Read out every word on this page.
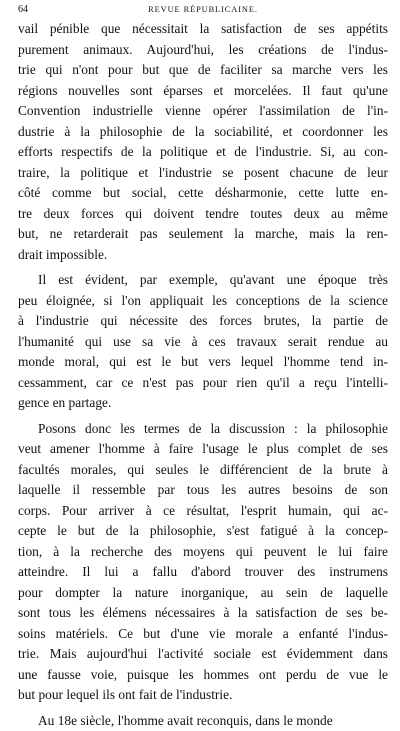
64	REVUE RÉPUBLICAINE.

vail pénible que nécessitait la satisfaction de ses appétits
purement animaux. Aujourd'hui, les créations de l'indus-
trie qui n'ont pour but que de faciliter sa marche vers les
régions nouvelles sont éparses et morcelées. Il faut qu'une
Convention industrielle vienne opérer l'assimilation de l'in-
dustrie à la philosophie de la sociabilité, et coordonner les
efforts respectifs de la politique et de l'industrie. Si, au con-
traire, la politique et l'industrie se posent chacune de leur
côté comme but social, cette désharmonie, cette lutte en-
tre deux forces qui doivent tendre toutes deux au même
but, ne retarderait pas seulement la marche, mais la ren-
drait impossible.

Il est évident, par exemple, qu'avant une époque très
peu éloignée, si l'on appliquait les conceptions de la science
à l'industrie qui nécessite des forces brutes, la partie de
l'humanité qui use sa vie à ces travaux serait rendue au
monde moral, qui est le but vers lequel l'homme tend in-
cessamment, car ce n'est pas pour rien qu'il a reçu l'intelli-
gence en partage.

Posons donc les termes de la discussion : la philosophie
veut amener l'homme à faire l'usage le plus complet de ses
facultés morales, qui seules le différencient de la brute à
laquelle il ressemble par tous les autres besoins de son
corps. Pour arriver à ce résultat, l'esprit humain, qui ac-
cepte le but de la philosophie, s'est fatigué à la concep-
tion, à la recherche des moyens qui peuvent le lui faire
atteindre. Il lui a fallu d'abord trouver des instrumens
pour dompter la nature inorganique, au sein de laquelle
sont tous les élémens nécessaires à la satisfaction de ses be-
soins matériels. Ce but d'une vie morale a enfanté l'indus-
trie. Mais aujourd'hui l'activité sociale est évidemment dans
une fausse voie, puisque les hommes ont perdu de vue le
but pour lequel ils ont fait de l'industrie.

Au 18e siècle, l'homme avait reconquis, dans le monde
